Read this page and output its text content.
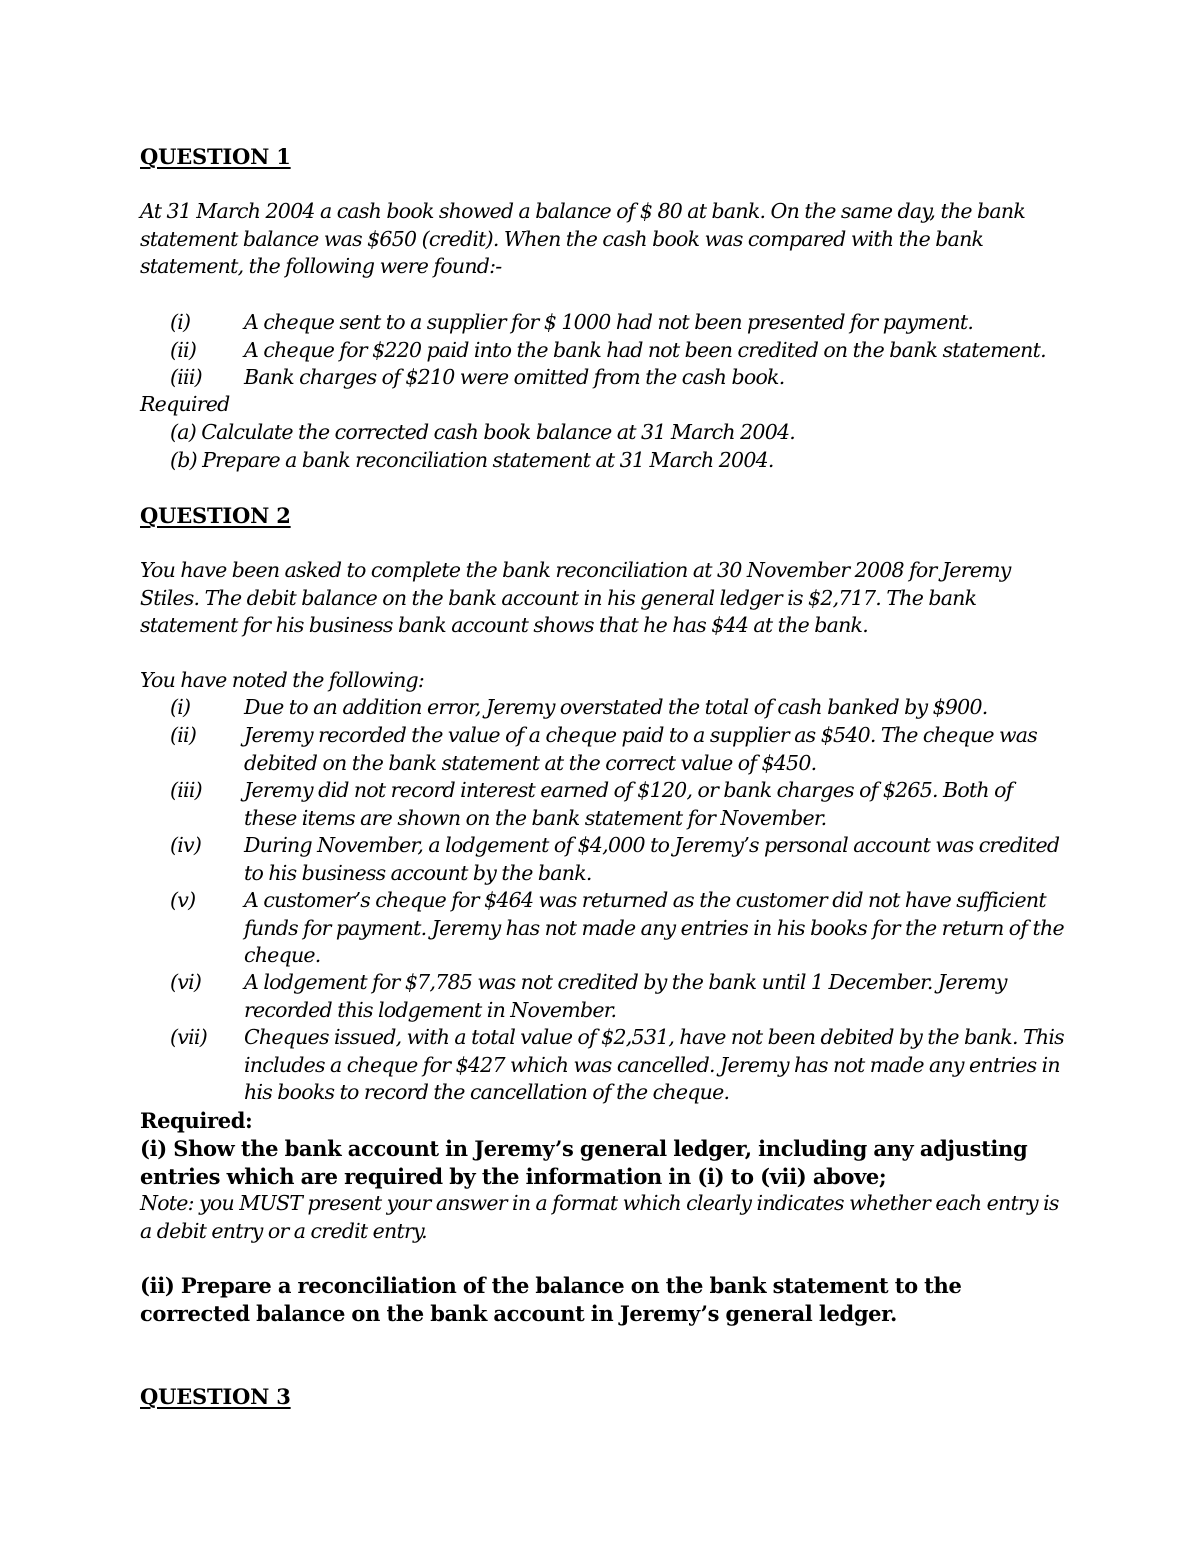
QUESTION 1
At 31 March 2004 a cash book showed a balance of $ 80 at bank. On the same day, the bank statement balance was $650 (credit). When the cash book was compared with the bank statement, the following were found:-
(i)	A cheque sent to a supplier for $ 1000 had not been presented for payment.
(ii)	A cheque for $220 paid into the bank had not been credited on the bank statement.
(iii)	Bank charges of $210 were omitted from the cash book.
Required
(a) Calculate the corrected cash book balance at 31 March 2004.
(b) Prepare a bank reconciliation statement at 31 March 2004.
QUESTION 2
You have been asked to complete the bank reconciliation at 30 November 2008 for Jeremy Stiles. The debit balance on the bank account in his general ledger is $2,717. The bank statement for his business bank account shows that he has $44 at the bank.
You have noted the following:
(i)	Due to an addition error, Jeremy overstated the total of cash banked by $900.
(ii)	Jeremy recorded the value of a cheque paid to a supplier as $540. The cheque was debited on the bank statement at the correct value of $450.
(iii)	Jeremy did not record interest earned of $120, or bank charges of $265. Both of these items are shown on the bank statement for November.
(iv)	During November, a lodgement of $4,000 to Jeremy’s personal account was credited to his business account by the bank.
(v)	A customer’s cheque for $464 was returned as the customer did not have sufficient funds for payment. Jeremy has not made any entries in his books for the return of the cheque.
(vi)	A lodgement for $7,785 was not credited by the bank until 1 December. Jeremy recorded this lodgement in November.
(vii)	Cheques issued, with a total value of $2,531, have not been debited by the bank. This includes a cheque for $427 which was cancelled. Jeremy has not made any entries in his books to record the cancellation of the cheque.
Required:
(i) Show the bank account in Jeremy’s general ledger, including any adjusting entries which are required by the information in (i) to (vii) above;
Note: you MUST present your answer in a format which clearly indicates whether each entry is a debit entry or a credit entry.
(ii) Prepare a reconciliation of the balance on the bank statement to the corrected balance on the bank account in Jeremy’s general ledger.
QUESTION 3
